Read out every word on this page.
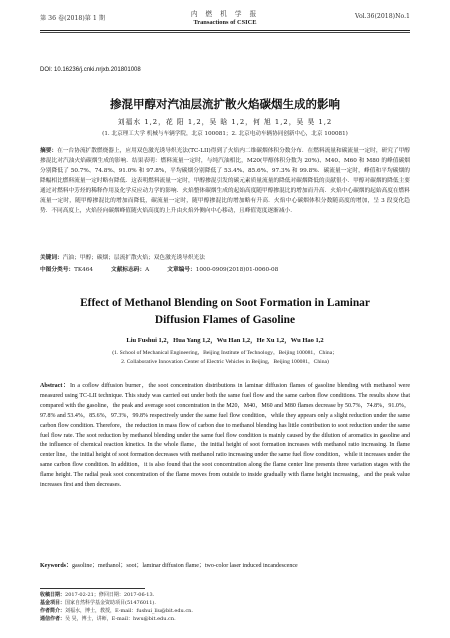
第 36 卷(2018)第 1 期
内 燃 机 学 报
Transactions of CSICE
Vol.36(2018)No.1
DOI: 10.16236/j.cnki.nrjxb.201801008
掺混甲醇对汽油层流扩散火焰碳烟生成的影响
刘福水 1,2，花 阳 1,2，吴 晗 1,2，何 旭 1,2，吴 昊 1,2
(1. 北京理工大学 机械与车辆学院，北京 100081；2. 北京电动车辆协同创新中心，北京 100081)
摘要：在一台协流扩散燃烧器上，应用双色激光诱导炽光法(TC-LII)得到了火焰内二维碳烟体积分数分布．在燃料流量和碳流量一定时，研究了甲醇掺混比对汽油火焰碳烟生成的影响．结果表明：燃料流量一定时，与纯汽油相比，M20(甲醇体积分数为 20%)、M40、M60 和 M80 的峰值碳烟分别降低了 50.7%、74.8%、91.0% 和 97.8%，平均碳烟分别降低了 53.4%、85.6%、97.3% 和 99.8%．碳流量一定时，峰值和平均碳烟的降幅相比燃料流量一定时略有降低．这表明燃料流量一定时，甲醇掺混引发的碳元素质量流量的降低对碳烟降低的贡献很小．甲醇对碳烟的降低主要通过对燃料中芳烃的稀释作用及化学反应动力学的影响．火焰整体碳烟生成的起始高度随甲醇掺混比的增加而升高．火焰中心碳烟的起始高度在燃料流量一定时，随甲醇掺混比的增加而降低，碳流量一定时，随甲醇掺混比的增加略有升高．火焰中心碳烟体积分数随高度的增加，呈 3 段变化趋势．不同高度上，火焰径向碳烟峰值随火焰高度的上升由火焰外侧向中心移动，且峰值宽度逐渐减小．
关键词：汽油；甲醇；碳烟；层流扩散火焰；双色激光诱导炽光法
中图分类号：TK464	文献标志码：A	文章编号：1000-0909(2018)01-0060-08
Effect of Methanol Blending on Soot Formation in Laminar Diffusion Flames of Gasoline
Liu Fushui 1,2，Hua Yang 1,2，Wu Han 1,2，He Xu 1,2，Wu Hao 1,2
(1. School of Mechanical Engineering，Beijing Institute of Technology，Beijing 100081，China；
2. Collaborative Innovation Center of Electric Vehicles in Beijing，Beijing 100081，China)
Abstract：In a coflow diffusion burner，the soot concentration distributions in laminar diffusion flames of gasoline blending with methanol were measured using TC-LII technique. This study was carried out under both the same fuel flow and the same carbon flow conditions. The results show that compared with the gasoline，the peak and average soot concentration in the M20，M40，M60 and M80 flames decrease by 50.7%，74.8%，91.0%，97.8% and 53.4%，85.6%，97.3%，99.8% respectively under the same fuel flow condition，while they appears only a slight reduction under the same carbon flow condition. Therefore，the reduction in mass flow of carbon due to methanol blending has little contribution to soot reduction under the same fuel flow rate. The soot reduction by methanol blending under the same fuel flow condition is mainly caused by the dilution of aromatics in gasoline and the influence of chemical reaction kinetics. In the whole flame，the initial height of soot formation increases with methanol ratio increasing. In flame center line，the initial height of soot formation decreases with methanol ratio increasing under the same fuel flow condition，while it increases under the same carbon flow condition. In addition，it is also found that the soot concentration along the flame center line presents three variation stages with the flame height. The radial peak soot concentration of the flame moves from outside to inside gradually with flame height increasing，and the peak value increases first and then decreases.
Keywords：gasoline；methanol；soot；laminar diffusion flame；two-color laser induced incandescence
收稿日期：2017-02-21；修回日期：2017-06-13.
基金项目：国家自然科学基金资助项目(51476011).
作者简介：刘福水，博士，教授，E-mail：fushui_liu@bit.edu.cn.
通信作者：吴 昊，博士，讲师，E-mail：hwu@bit.edu.cn.
